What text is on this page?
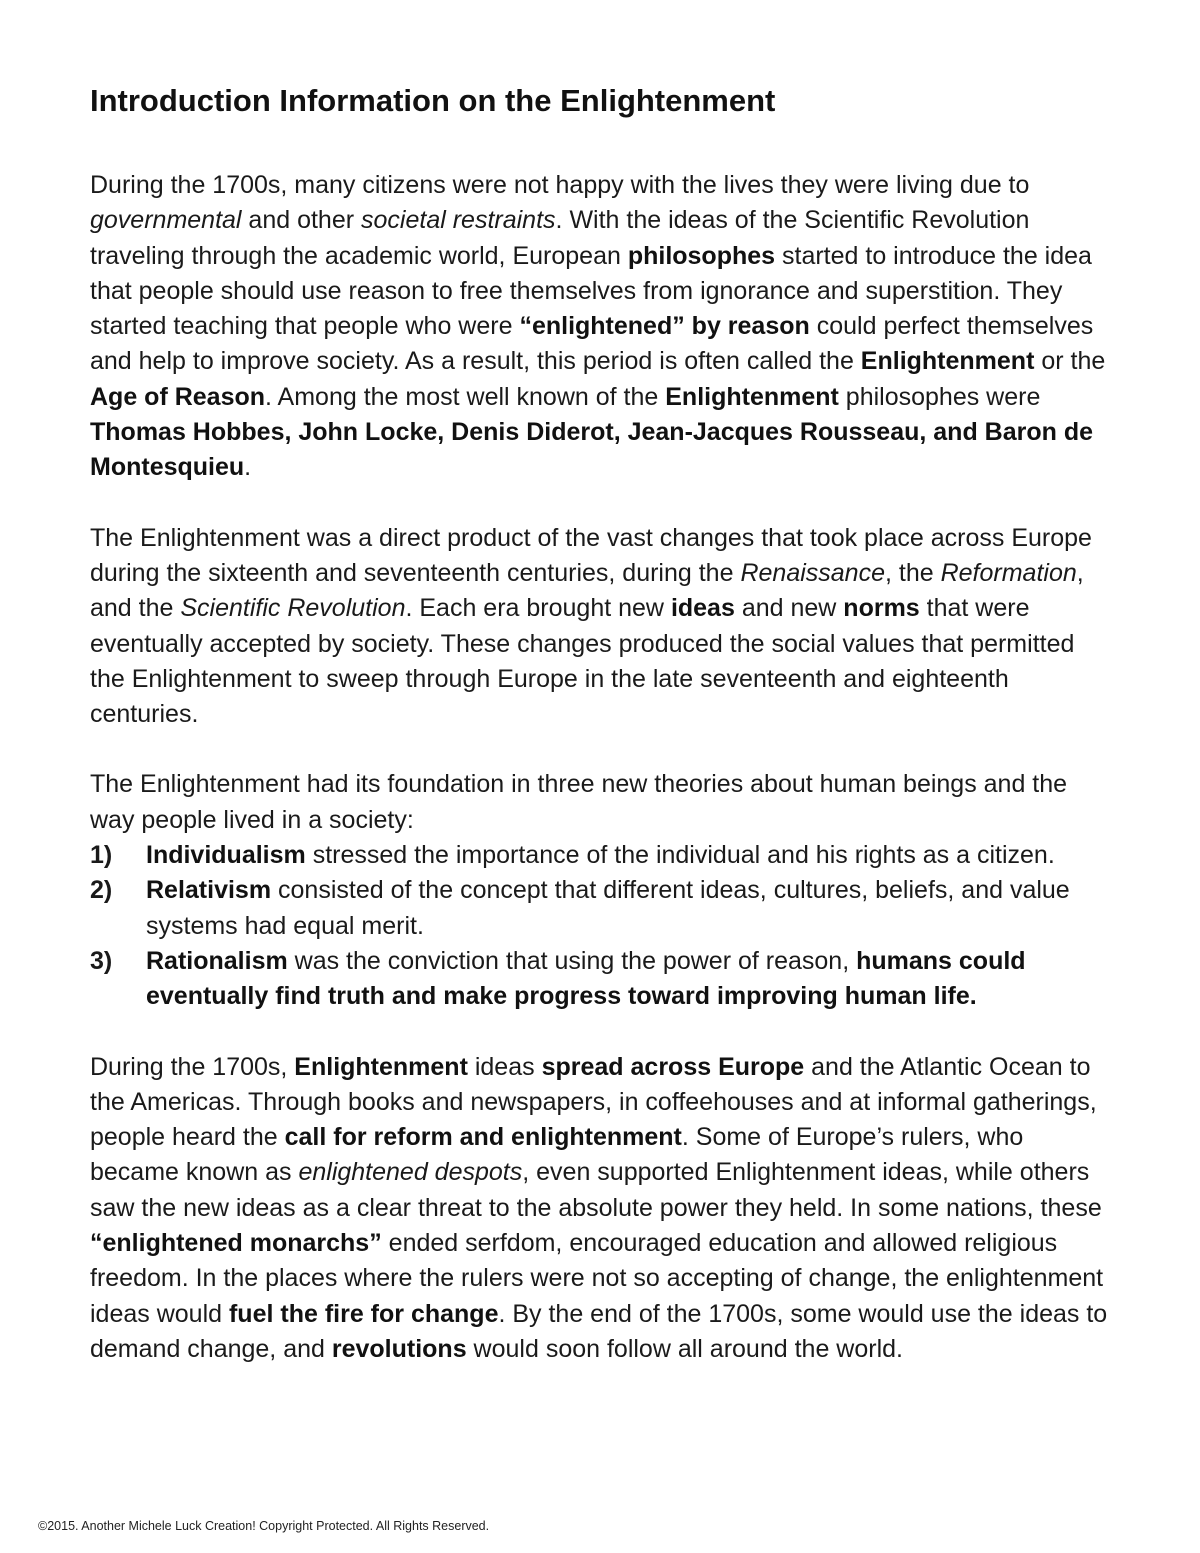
Introduction Information on the Enlightenment

During the 1700s, many citizens were not happy with the lives they were living due to governmental and other societal restraints. With the ideas of the Scientific Revolution traveling through the academic world, European philosophes started to introduce the idea that people should use reason to free themselves from ignorance and superstition. They started teaching that people who were “enlightened” by reason could perfect themselves and help to improve society. As a result, this period is often called the Enlightenment or the Age of Reason. Among the most well known of the Enlightenment philosophes were Thomas Hobbes, John Locke, Denis Diderot, Jean-Jacques Rousseau, and Baron de Montesquieu.

The Enlightenment was a direct product of the vast changes that took place across Europe during the sixteenth and seventeenth centuries, during the Renaissance, the Reformation, and the Scientific Revolution. Each era brought new ideas and new norms that were eventually accepted by society. These changes produced the social values that permitted the Enlightenment to sweep through Europe in the late seventeenth and eighteenth centuries.

The Enlightenment had its foundation in three new theories about human beings and the way people lived in a society:

1) Individualism stressed the importance of the individual and his rights as a citizen.
2) Relativism consisted of the concept that different ideas, cultures, beliefs, and value systems had equal merit.
3) Rationalism was the conviction that using the power of reason, humans could eventually find truth and make progress toward improving human life.

During the 1700s, Enlightenment ideas spread across Europe and the Atlantic Ocean to the Americas. Through books and newspapers, in coffeehouses and at informal gatherings, people heard the call for reform and enlightenment. Some of Europe’s rulers, who became known as enlightened despots, even supported Enlightenment ideas, while others saw the new ideas as a clear threat to the absolute power they held. In some nations, these “enlightened monarchs” ended serfdom, encouraged education and allowed religious freedom. In the places where the rulers were not so accepting of change, the enlightenment ideas would fuel the fire for change. By the end of the 1700s, some would use the ideas to demand change, and revolutions would soon follow all around the world.

©2015. Another Michele Luck Creation! Copyright Protected. All Rights Reserved.
